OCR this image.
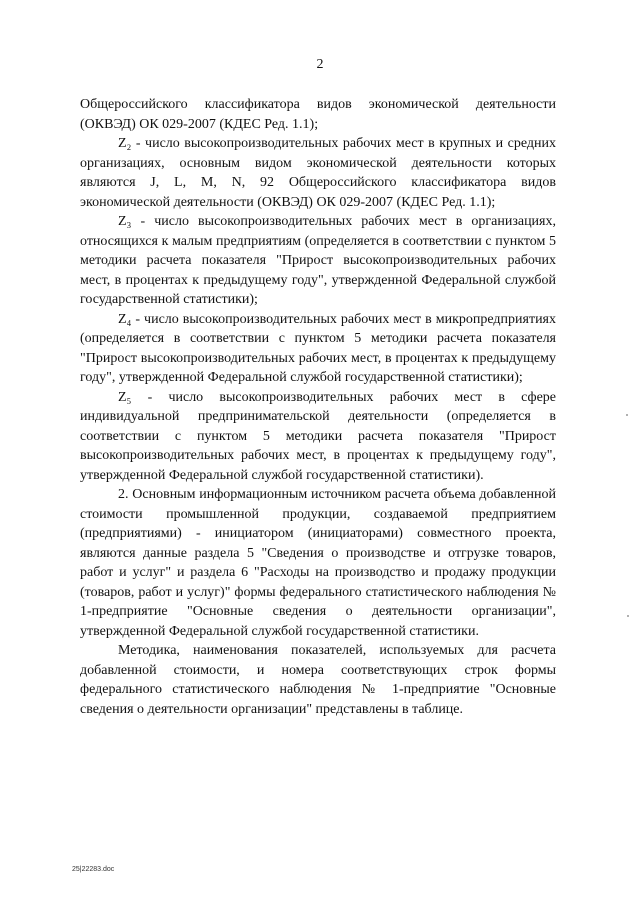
2

Общероссийского классификатора видов экономической деятельности (ОКВЭД) ОК 029-2007 (КДЕС Ред. 1.1);

Z₂ - число высокопроизводительных рабочих мест в крупных и средних организациях, основным видом экономической деятельности которых являются J, L, M, N, 92 Общероссийского классификатора видов экономической деятельности (ОКВЭД) ОК 029-2007 (КДЕС Ред. 1.1);

Z₃ - число высокопроизводительных рабочих мест в организациях, относящихся к малым предприятиям (определяется в соответствии с пунктом 5 методики расчета показателя "Прирост высокопроизводительных рабочих мест, в процентах к предыдущему году", утвержденной Федеральной службой государственной статистики);

Z₄ - число высокопроизводительных рабочих мест в микропредприятиях (определяется в соответствии с пунктом 5 методики расчета показателя "Прирост высокопроизводительных рабочих мест, в процентах к предыдущему году", утвержденной Федеральной службой государственной статистики);

Z₅ - число высокопроизводительных рабочих мест в сфере индивидуальной предпринимательской деятельности (определяется в соответствии с пунктом 5 методики расчета показателя "Прирост высокопроизводительных рабочих мест, в процентах к предыдущему году", утвержденной Федеральной службой государственной статистики).

2. Основным информационным источником расчета объема добавленной стоимости промышленной продукции, создаваемой предприятием (предприятиями) - инициатором (инициаторами) совместного проекта, являются данные раздела 5 "Сведения о производстве и отгрузке товаров, работ и услуг" и раздела 6 "Расходы на производство и продажу продукции (товаров, работ и услуг)" формы федерального статистического наблюдения № 1-предприятие "Основные сведения о деятельности организации", утвержденной Федеральной службой государственной статистики.

Методика, наименования показателей, используемых для расчета добавленной стоимости, и номера соответствующих строк формы федерального статистического наблюдения № 1-предприятие "Основные сведения о деятельности организации" представлены в таблице.

25|22283.doc
